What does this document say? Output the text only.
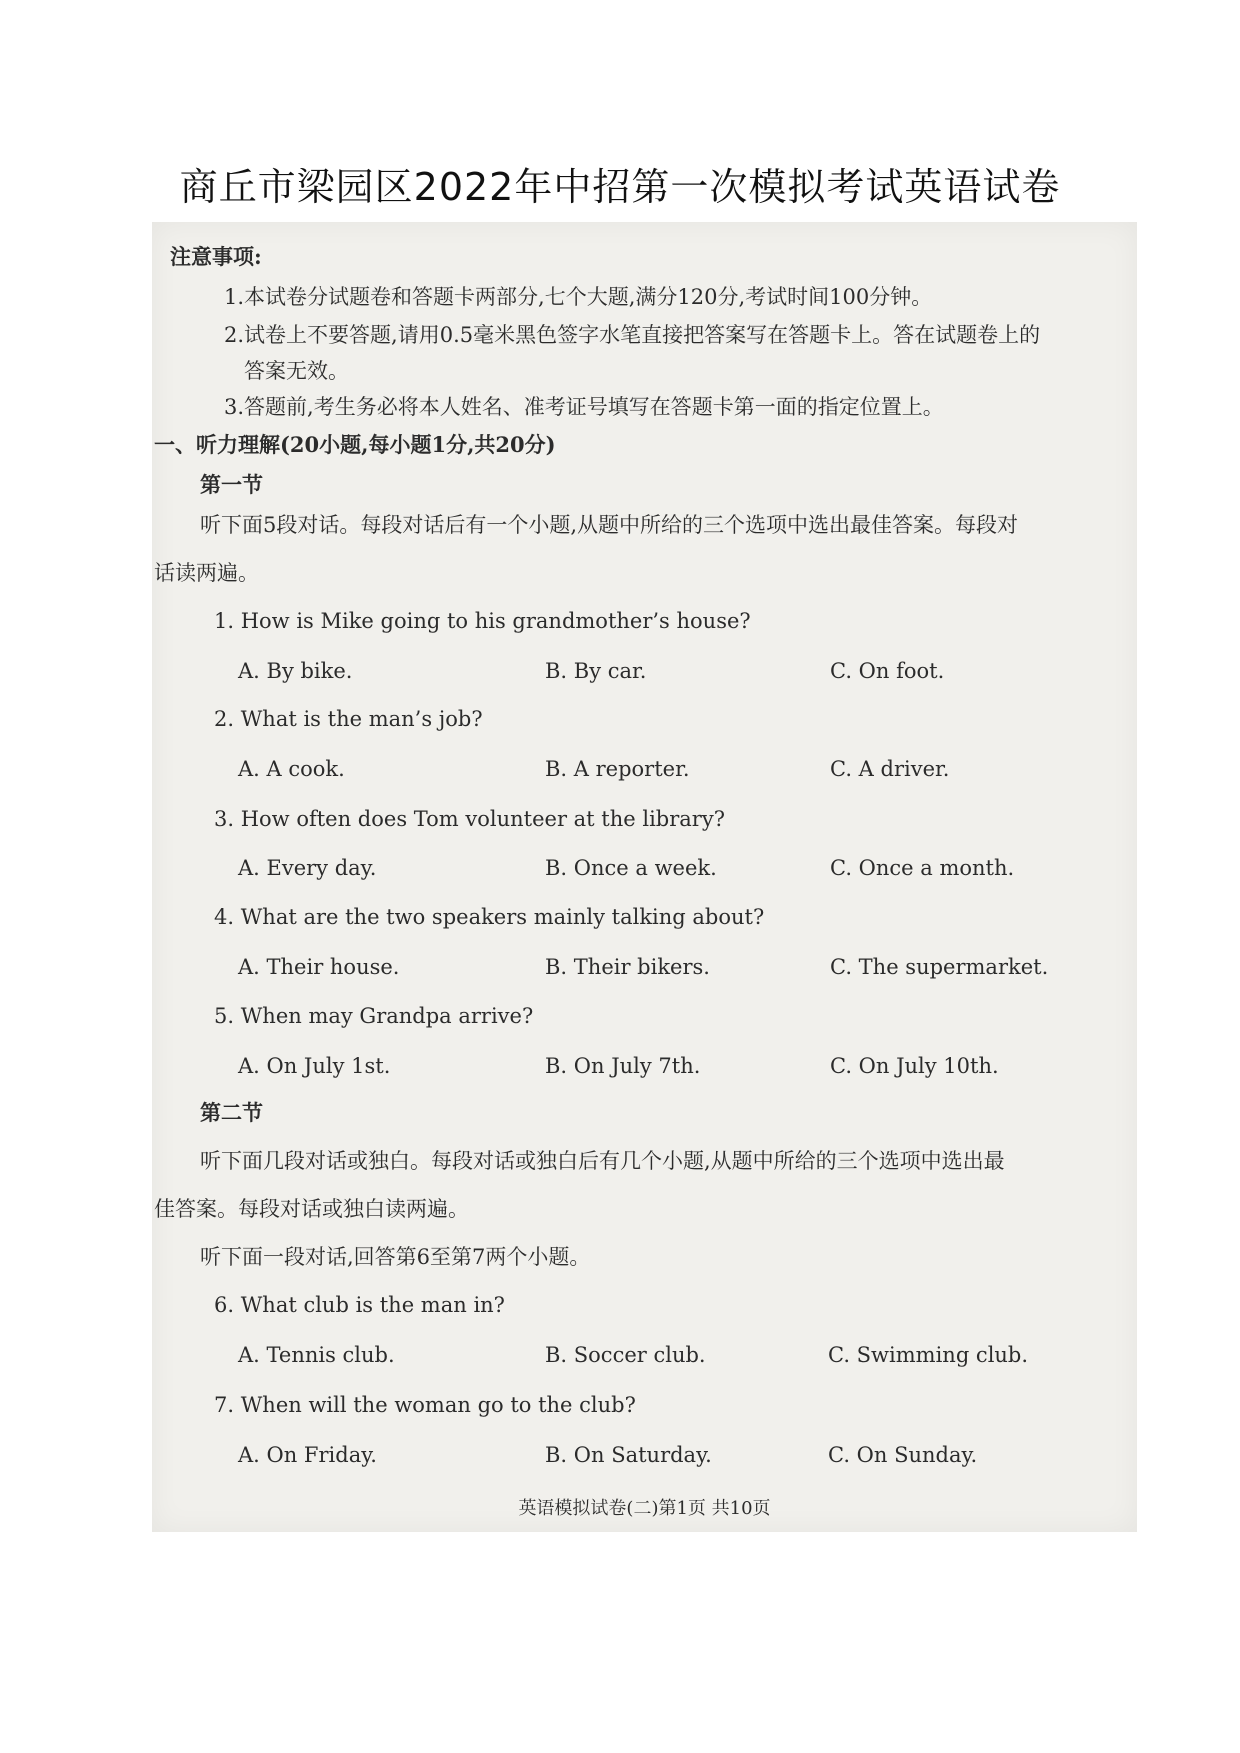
商丘市梁园区2022年中招第一次模拟考试英语试卷
注意事项:
1.本试卷分试题卷和答题卡两部分,七个大题,满分120分,考试时间100分钟。
2.试卷上不要答题,请用0.5毫米黑色签字水笔直接把答案写在答题卡上。答在试题卷上的
答案无效。
3.答题前,考生务必将本人姓名、准考证号填写在答题卡第一面的指定位置上。
一、听力理解(20小题,每小题1分,共20分)
第一节
听下面5段对话。每段对话后有一个小题,从题中所给的三个选项中选出最佳答案。每段对
话读两遍。
1. How is Mike going to his grandmother’s house?
A. By bike.	B. By car.	C. On foot.
2. What is the man’s job?
A. A cook.	B. A reporter.	C. A driver.
3. How often does Tom volunteer at the library?
A. Every day.	B. Once a week.	C. Once a month.
4. What are the two speakers mainly talking about?
A. Their house.	B. Their bikers.	C. The supermarket.
5. When may Grandpa arrive?
A. On July 1st.	B. On July 7th.	C. On July 10th.
第二节
听下面几段对话或独白。每段对话或独白后有几个小题,从题中所给的三个选项中选出最
佳答案。每段对话或独白读两遍。
听下面一段对话,回答第6至第7两个小题。
6. What club is the man in?
A. Tennis club.	B. Soccer club.	C. Swimming club.
7. When will the woman go to the club?
A. On Friday.	B. On Saturday.	C. On Sunday.
英语模拟试卷(二)第1页 共10页
